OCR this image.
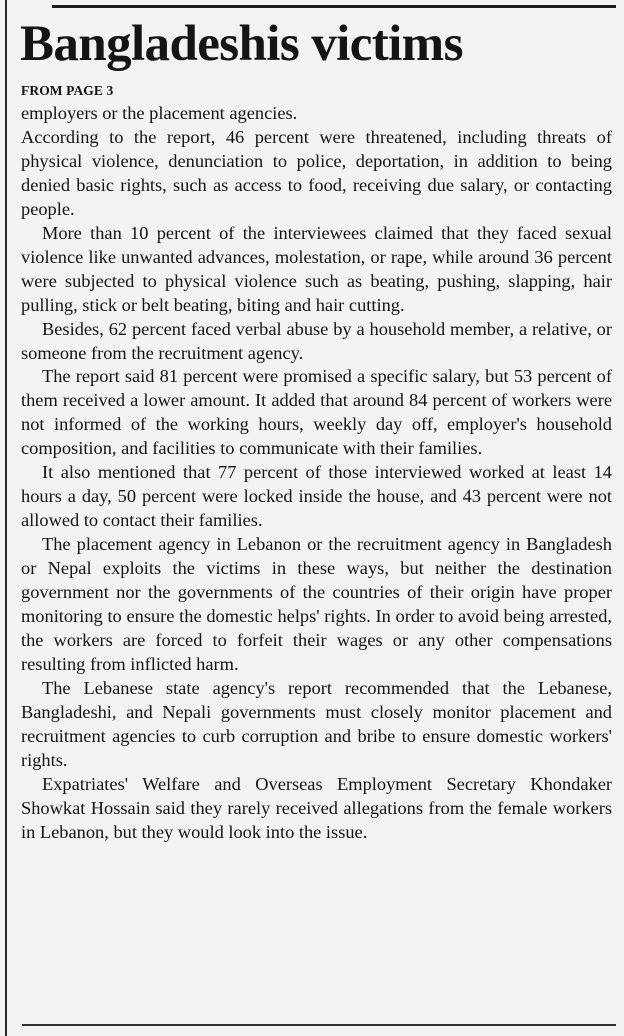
Bangladeshis victims
FROM PAGE 3

employers or the placement agencies.

According to the report, 46 percent were threatened, including threats of physical violence, denunciation to police, deportation, in addition to being denied basic rights, such as access to food, receiving due salary, or contacting people.

More than 10 percent of the interviewees claimed that they faced sexual violence like unwanted advances, molestation, or rape, while around 36 percent were subjected to physical violence such as beating, pushing, slapping, hair pulling, stick or belt beating, biting and hair cutting.

Besides, 62 percent faced verbal abuse by a household member, a relative, or someone from the recruitment agency.

The report said 81 percent were promised a specific salary, but 53 percent of them received a lower amount. It added that around 84 percent of workers were not informed of the working hours, weekly day off, employer's household composition, and facilities to communicate with their families.

It also mentioned that 77 percent of those interviewed worked at least 14 hours a day, 50 percent were locked inside the house, and 43 percent were not allowed to contact their families.

The placement agency in Lebanon or the recruitment agency in Bangladesh or Nepal exploits the victims in these ways, but neither the destination government nor the governments of the countries of their origin have proper monitoring to ensure the domestic helps' rights. In order to avoid being arrested, the workers are forced to forfeit their wages or any other compensations resulting from inflicted harm.

The Lebanese state agency's report recommended that the Lebanese, Bangladeshi, and Nepali governments must closely monitor placement and recruitment agencies to curb corruption and bribe to ensure domestic workers' rights.

Expatriates' Welfare and Overseas Employment Secretary Khondaker Showkat Hossain said they rarely received allegations from the female workers in Lebanon, but they would look into the issue.
